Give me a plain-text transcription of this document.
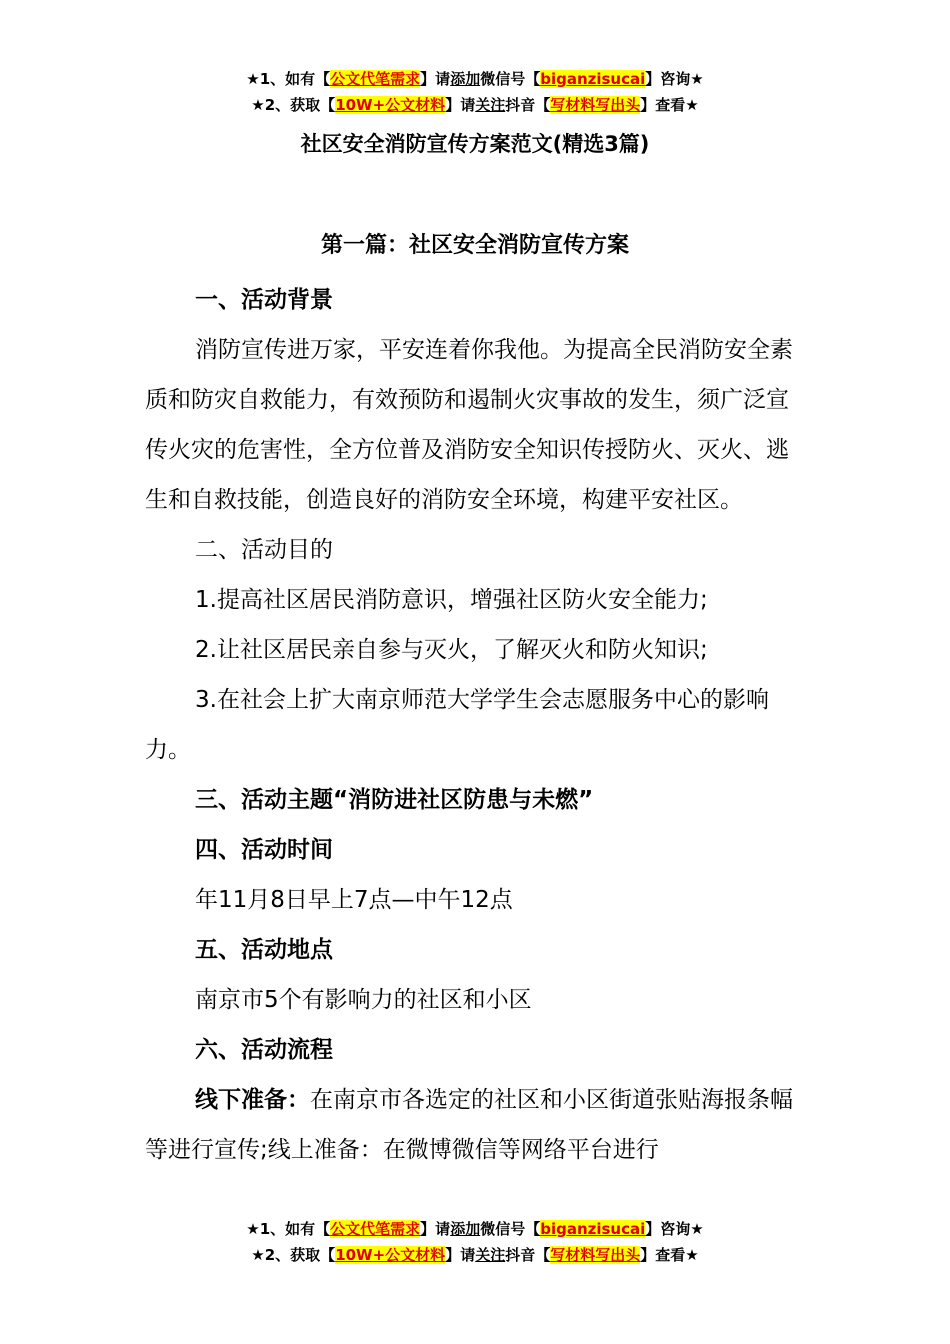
★1、如有【公文代笔需求】请添加微信号【biganzisucai】咨询★
★2、获取【10W+公文材料】请关注抖音【写材料写出头】查看★
社区安全消防宣传方案范文(精选3篇)
第一篇：社区安全消防宣传方案

一、活动背景

消防宣传进万家，平安连着你我他。为提高全民消防安全素质和防灾自救能力，有效预防和遏制火灾事故的发生，须广泛宣传火灾的危害性，全方位普及消防安全知识传授防火、灭火、逃生和自救技能，创造良好的消防安全环境，构建平安社区。

二、活动目的

1.提高社区居民消防意识，增强社区防火安全能力;

2.让社区居民亲自参与灭火，了解灭火和防火知识;

3.在社会上扩大南京师范大学学生会志愿服务中心的影响力。

三、活动主题“消防进社区防患与未燃”

四、活动时间

年11月8日早上7点—中午12点

五、活动地点

南京市5个有影响力的社区和小区

六、活动流程

线下准备：在南京市各选定的社区和小区街道张贴海报条幅等进行宣传;线上准备：在微博微信等网络平台进行

★1、如有【公文代笔需求】请添加微信号【biganzisucai】咨询★
★2、获取【10W+公文材料】请关注抖音【写材料写出头】查看★
